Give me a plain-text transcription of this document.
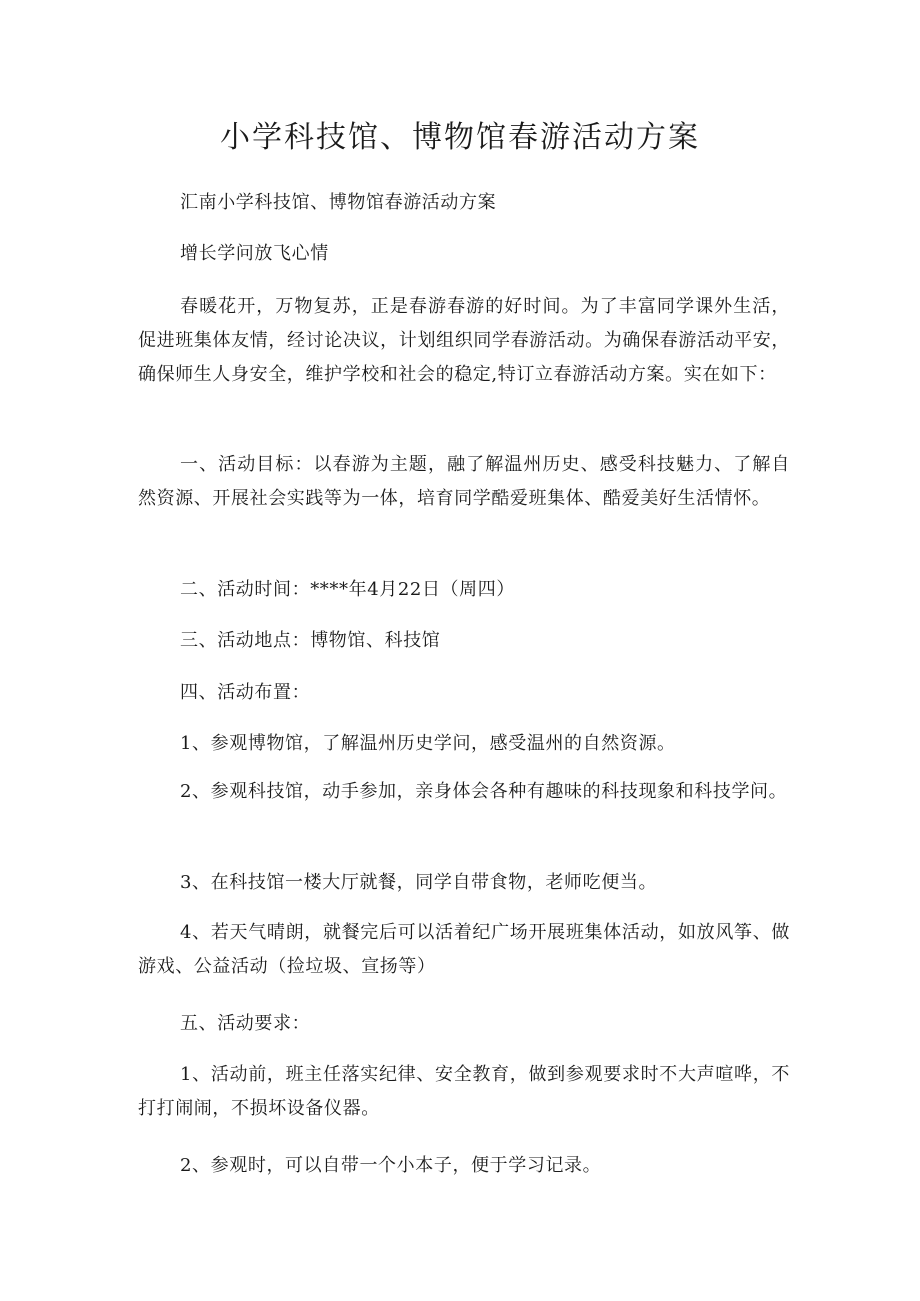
小学科技馆、博物馆春游活动方案

汇南小学科技馆、博物馆春游活动方案

增长学问放飞心情

春暖花开，万物复苏，正是春游春游的好时间。为了丰富同学课外生活，促进班集体友情，经讨论决议，计划组织同学春游活动。为确保春游活动平安，确保师生人身安全，维护学校和社会的稳定,特订立春游活动方案。实在如下：

一、活动目标：以春游为主题，融了解温州历史、感受科技魅力、了解自然资源、开展社会实践等为一体，培育同学酷爱班集体、酷爱美好生活情怀。

二、活动时间：****年4月22日（周四）

三、活动地点：博物馆、科技馆

四、活动布置：

1、参观博物馆，了解温州历史学问，感受温州的自然资源。

2、参观科技馆，动手参加，亲身体会各种有趣味的科技现象和科技学问。

3、在科技馆一楼大厅就餐，同学自带食物，老师吃便当。

4、若天气晴朗，就餐完后可以活着纪广场开展班集体活动，如放风筝、做游戏、公益活动（捡垃圾、宣扬等）

五、活动要求：

1、活动前，班主任落实纪律、安全教育，做到参观要求时不大声喧哗，不打打闹闹，不损坏设备仪器。

2、参观时，可以自带一个小本子，便于学习记录。
